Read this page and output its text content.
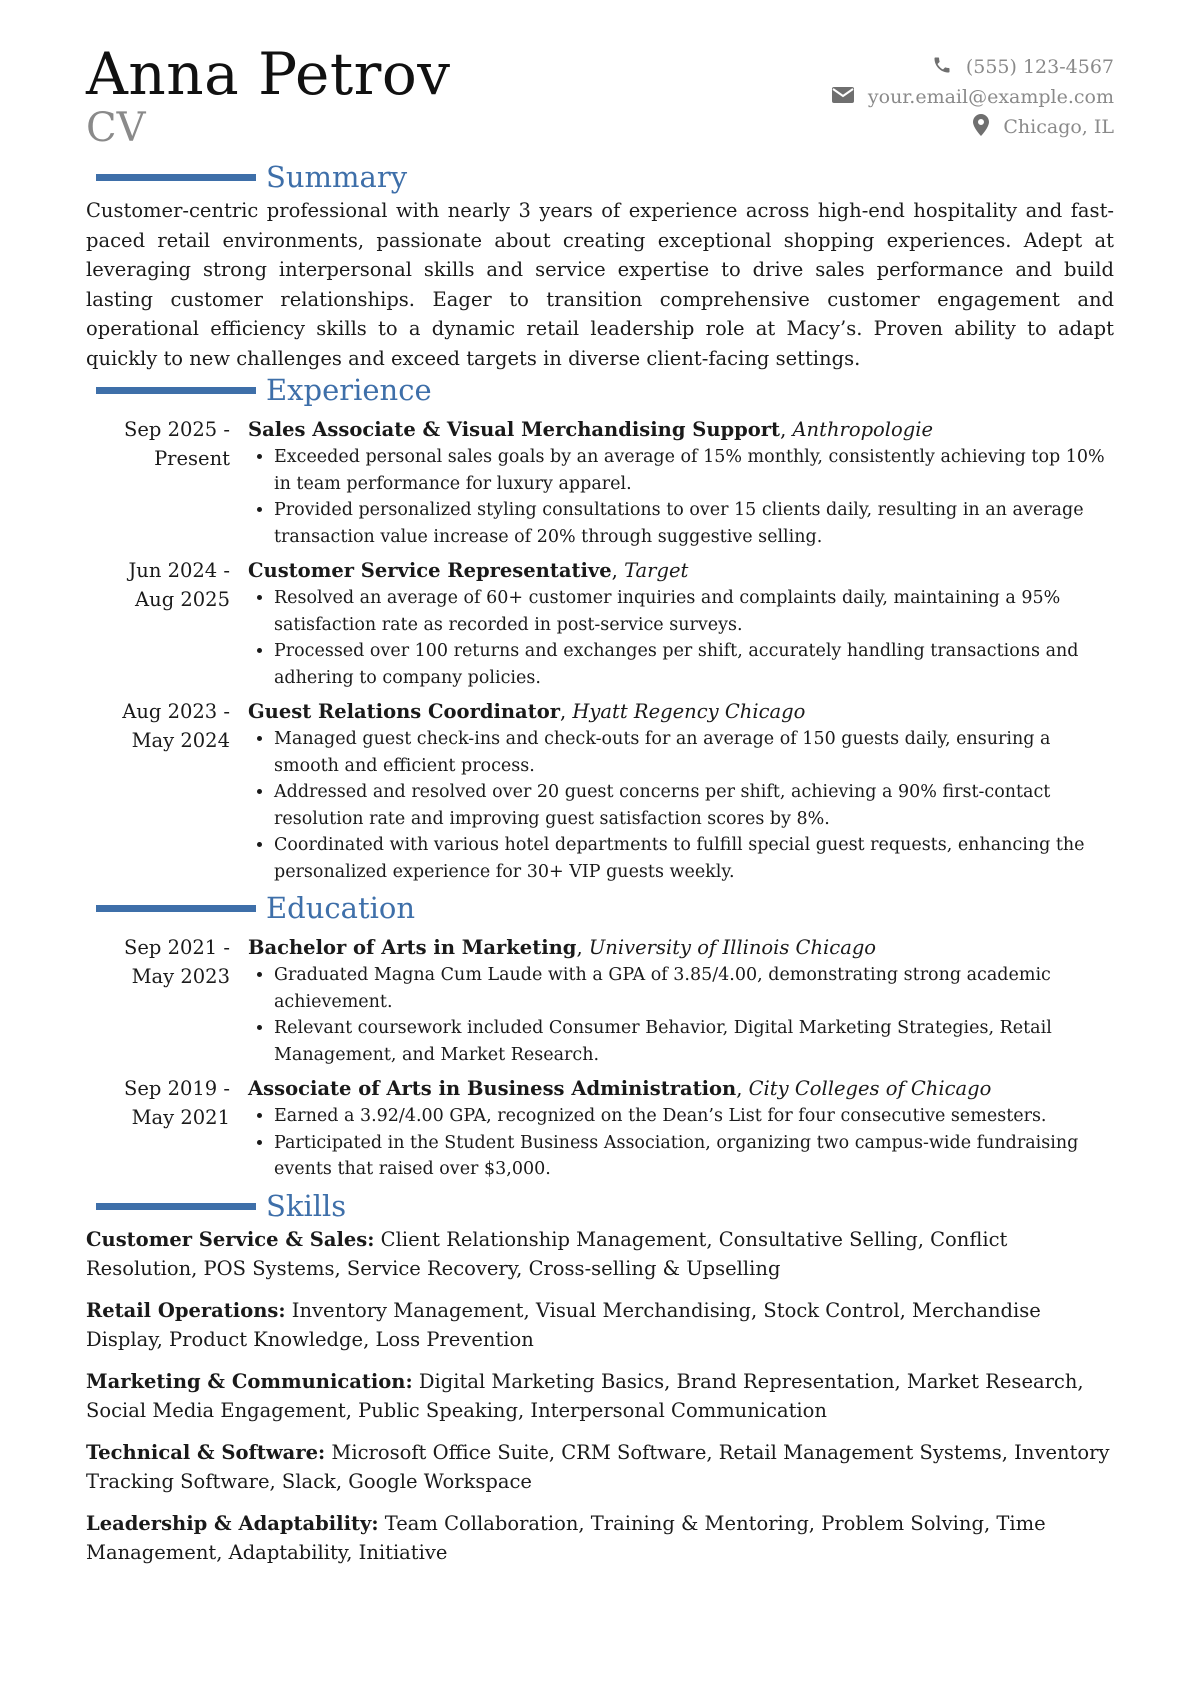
Anna Petrov
CV
(555) 123-4567
your.email@example.com
Chicago, IL
Summary

Customer-centric professional with nearly 3 years of experience across high-end hospitality and fast-paced retail environments, passionate about creating exceptional shopping experiences. Adept at leveraging strong interpersonal skills and service expertise to drive sales performance and build lasting customer relationships. Eager to transition comprehensive customer engagement and operational efficiency skills to a dynamic retail leadership role at Macy’s. Proven ability to adapt quickly to new challenges and exceed targets in diverse client-facing settings.

Experience
Sep 2025 - Present
Sales Associate & Visual Merchandising Support, Anthropologie
• Exceeded personal sales goals by an average of 15% monthly, consistently achieving top 10% in team performance for luxury apparel.
• Provided personalized styling consultations to over 15 clients daily, resulting in an average transaction value increase of 20% through suggestive selling.
Jun 2024 - Aug 2025
Customer Service Representative, Target
• Resolved an average of 60+ customer inquiries and complaints daily, maintaining a 95% satisfaction rate as recorded in post-service surveys.
• Processed over 100 returns and exchanges per shift, accurately handling transactions and adhering to company policies.
Aug 2023 - May 2024
Guest Relations Coordinator, Hyatt Regency Chicago
• Managed guest check-ins and check-outs for an average of 150 guests daily, ensuring a smooth and efficient process.
• Addressed and resolved over 20 guest concerns per shift, achieving a 90% first-contact resolution rate and improving guest satisfaction scores by 8%.
• Coordinated with various hotel departments to fulfill special guest requests, enhancing the personalized experience for 30+ VIP guests weekly.
Education
Sep 2021 - May 2023
Bachelor of Arts in Marketing, University of Illinois Chicago
• Graduated Magna Cum Laude with a GPA of 3.85/4.00, demonstrating strong academic achievement.
• Relevant coursework included Consumer Behavior, Digital Marketing Strategies, Retail Management, and Market Research.
Sep 2019 - May 2021
Associate of Arts in Business Administration, City Colleges of Chicago
• Earned a 3.92/4.00 GPA, recognized on the Dean’s List for four consecutive semesters.
• Participated in the Student Business Association, organizing two campus-wide fundraising events that raised over $3,000.
Skills
Customer Service & Sales: Client Relationship Management, Consultative Selling, Conflict Resolution, POS Systems, Service Recovery, Cross-selling & Upselling
Retail Operations: Inventory Management, Visual Merchandising, Stock Control, Merchandise Display, Product Knowledge, Loss Prevention
Marketing & Communication: Digital Marketing Basics, Brand Representation, Market Research, Social Media Engagement, Public Speaking, Interpersonal Communication
Technical & Software: Microsoft Office Suite, CRM Software, Retail Management Systems, Inventory Tracking Software, Slack, Google Workspace
Leadership & Adaptability: Team Collaboration, Training & Mentoring, Problem Solving, Time Management, Adaptability, Initiative
